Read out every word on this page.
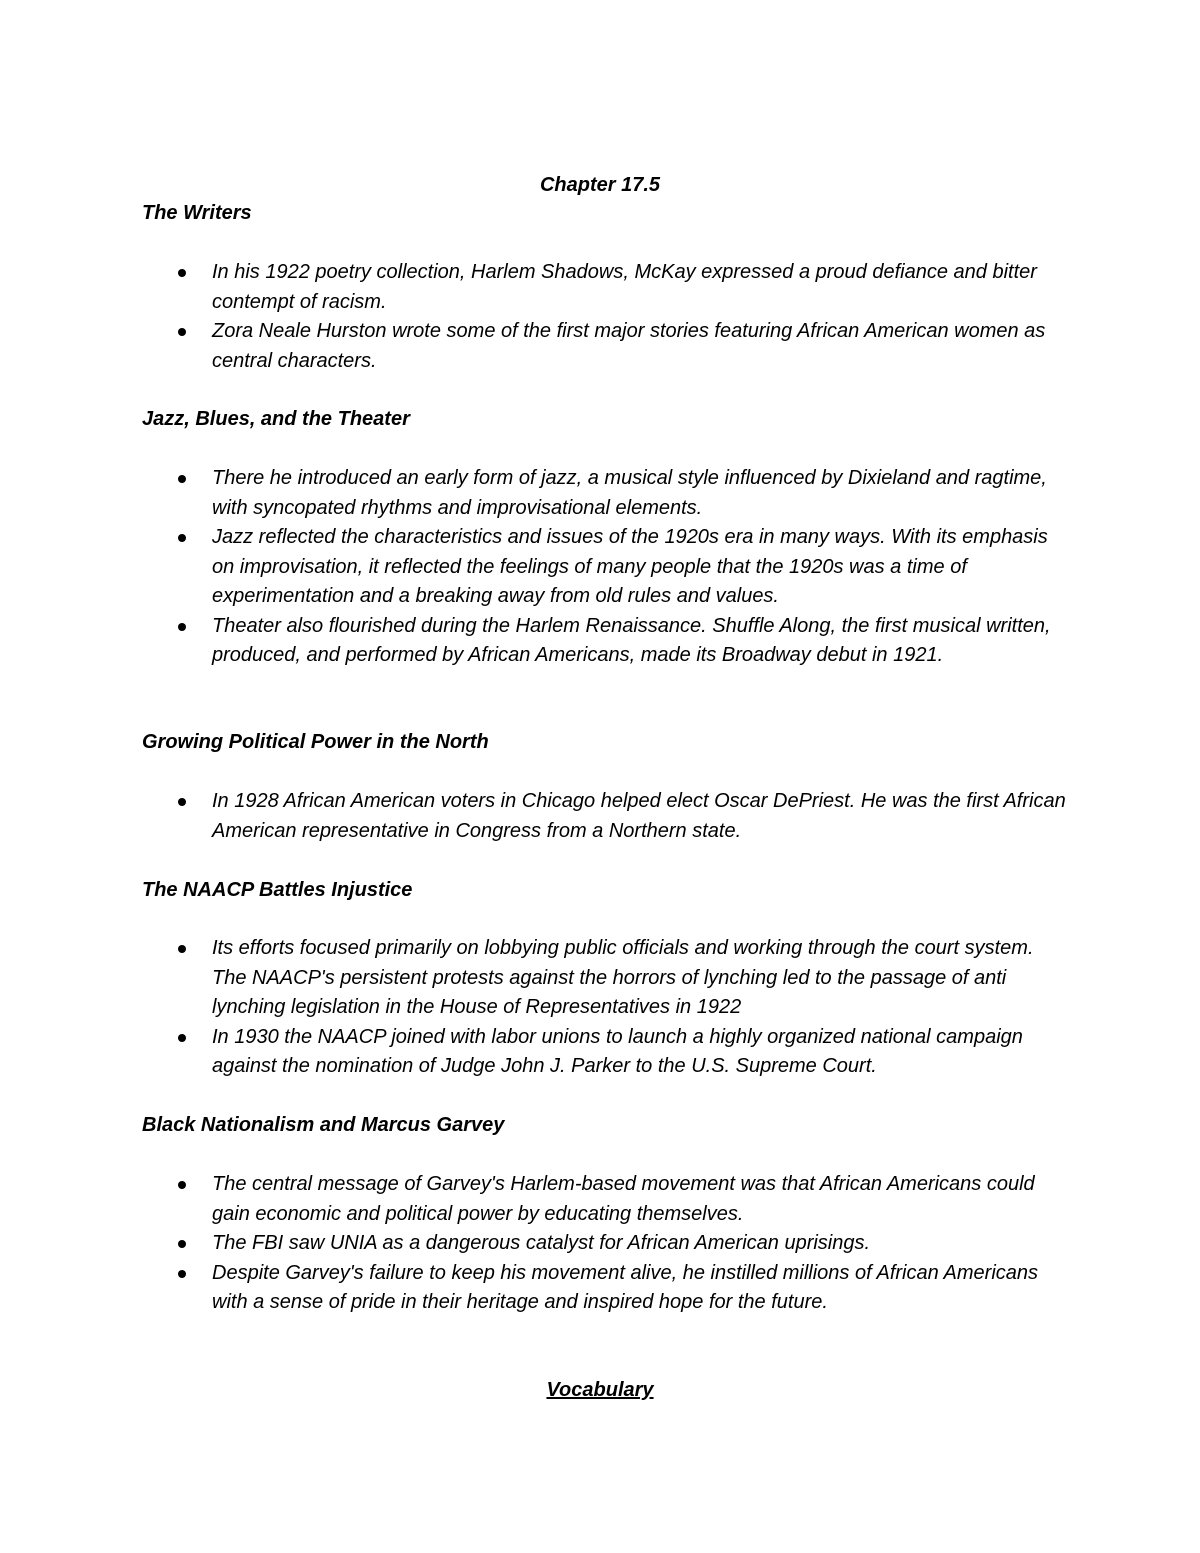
Chapter 17.5
The Writers
In his 1922 poetry collection, Harlem Shadows, McKay expressed a proud defiance and bitter contempt of racism.
Zora Neale Hurston wrote some of the first major stories featuring African American women as central characters.
Jazz, Blues, and the Theater
There he introduced an early form of jazz, a musical style influenced by Dixieland and ragtime, with syncopated rhythms and improvisational elements.
Jazz reflected the characteristics and issues of the 1920s era in many ways. With its emphasis on improvisation, it reflected the feelings of many people that the 1920s was a time of experimentation and a breaking away from old rules and values.
Theater also flourished during the Harlem Renaissance. Shuffle Along, the first musical written, produced, and performed by African Americans, made its Broadway debut in 1921.
Growing Political Power in the North
In 1928 African American voters in Chicago helped elect Oscar DePriest. He was the first African American representative in Congress from a Northern state.
The NAACP Battles Injustice
Its efforts focused primarily on lobbying public officials and working through the court system. The NAACP's persistent protests against the horrors of lynching led to the passage of anti lynching legislation in the House of Representatives in 1922
In 1930 the NAACP joined with labor unions to launch a highly organized national campaign against the nomination of Judge John J. Parker to the U.S. Supreme Court.
Black Nationalism and Marcus Garvey
The central message of Garvey's Harlem-based movement was that African Americans could gain economic and political power by educating themselves.
The FBI saw UNIA as a dangerous catalyst for African American uprisings.
Despite Garvey's failure to keep his movement alive, he instilled millions of African Americans with a sense of pride in their heritage and inspired hope for the future.
Vocabulary
